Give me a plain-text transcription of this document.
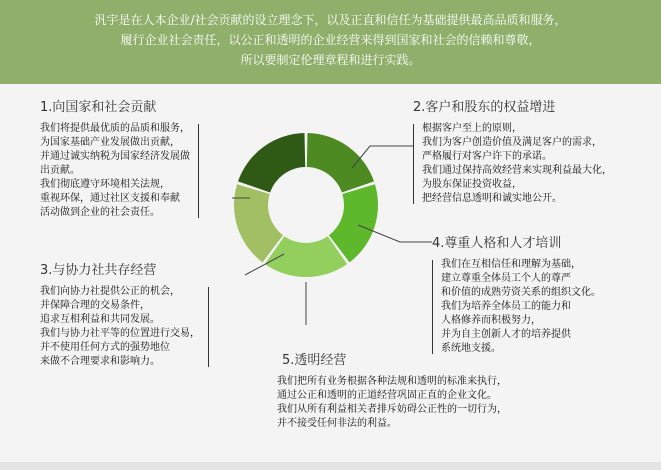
汎宇是在人本企业/社会贡献的设立理念下，以及正直和信任为基础提供最高品质和服务，
履行企业社会责任，以公正和透明的企业经营来得到国家和社会的信赖和尊敬，
所以要制定伦理章程和进行实践。
1.向国家和社会贡献
我们将提供最优质的品质和服务，
为国家基础产业发展做出贡献，
并通过诚实纳税为国家经济发展做
出贡献。
我们彻底遵守环境相关法规，
重视环保，通过社区支援和奉献
活动做到企业的社会责任。
2.客户和股东的权益增进
根据客户至上的原则，
我们为客户创造价值及满足客户的需求，
严格履行对客户许下的承诺。
我们通过保持高效经营来实现利益最大化，
为股东保证投资收益，
把经营信息透明和诚实地公开。
3.与协力社共存经营
我们向协力社提供公正的机会，
并保障合理的交易条件，
追求互相利益和共同发展。
我们与协力社平等的位置进行交易，
并不使用任何方式的强势地位
来做不合理要求和影响力。
4.尊重人格和人才培训
我们在互相信任和理解为基础，
建立尊重全体员工个人的尊严
和价值的成熟劳资关系的组织文化。
我们为培养全体员工的能力和
人格修养而积极努力，
并为自主创新人才的培养提供
系统地支援。
5.透明经营
我们把所有业务根据各种法规和透明的标准来执行，
通过公正和透明的正道经营巩固正直的企业文化。
我们从所有利益相关者排斥妨碍公正性的一切行为，
并不接受任何非法的利益。
